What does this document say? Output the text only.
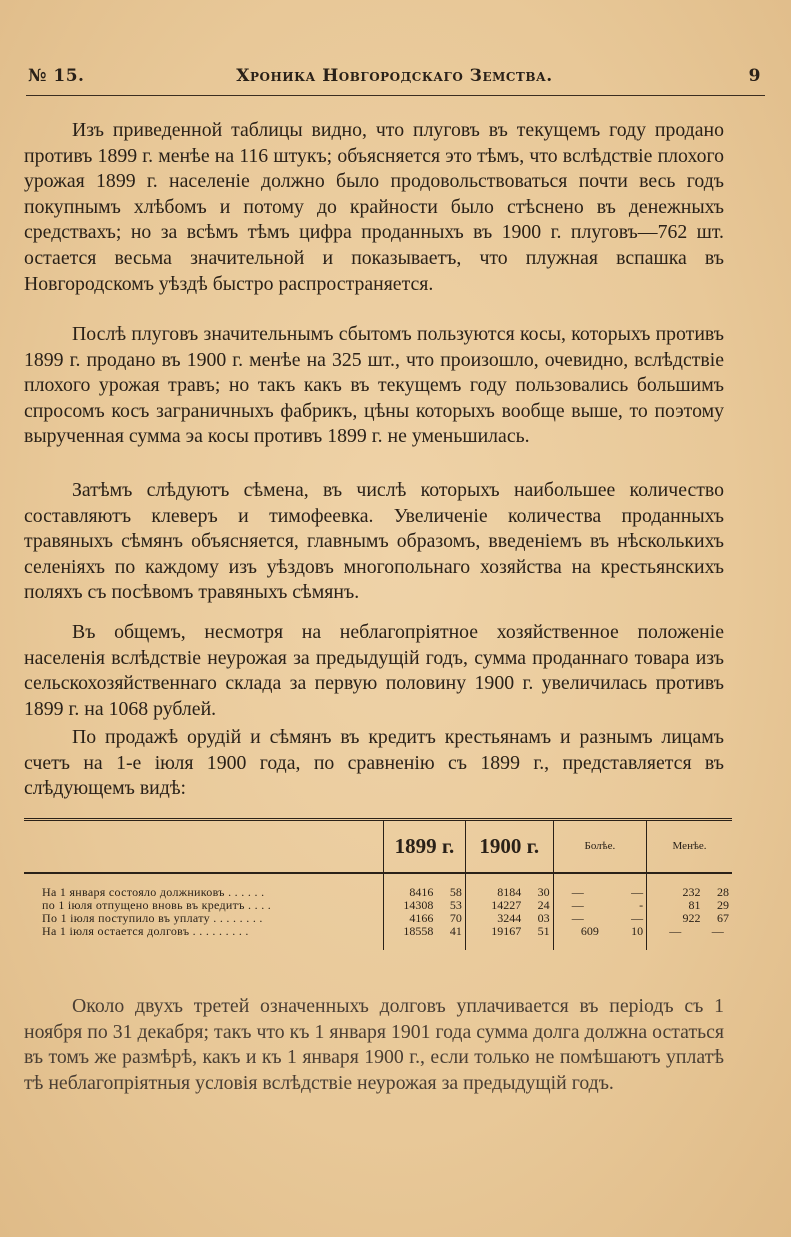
№ 15.	Хроника Новгородскаго Земства.	9

Изъ приведенной таблицы видно, что плуговъ въ текущемъ году продано противъ 1899 г. менѣе на 116 штукъ; объясняется это тѣмъ, что вслѣдствіе плохого урожая 1899 г. населеніе должно было продовольствоваться почти весь годъ покупнымъ хлѣбомъ и потому до крайности было стѣснено въ денежныхъ средствахъ; но за всѣмъ тѣмъ цифра проданныхъ въ 1900 г. плуговъ—762 шт. остается весьма значительной и показываетъ, что плужная вспашка въ Новгородскомъ уѣздѣ быстро распространяется.

Послѣ плуговъ значительнымъ сбытомъ пользуются косы, которыхъ противъ 1899 г. продано въ 1900 г. менѣе на 325 шт., что произошло, очевидно, вслѣдствіе плохого урожая травъ; но такъ какъ въ текущемъ году пользовались большимъ спросомъ косъ заграничныхъ фабрикъ, цѣны которыхъ вообще выше, то поэтому вырученная сумма эа косы противъ 1899 г. не уменьшилась.

Затѣмъ слѣдуютъ сѣмена, въ числѣ которыхъ наибольшее количество составляютъ клеверъ и тимофеевка. Увеличеніе количества проданныхъ травяныхъ сѣмянъ объясняется, главнымъ образомъ, введеніемъ въ нѣсколькихъ селеніяхъ по каждому изъ уѣздовъ многопольнаго хозяйства на крестьянскихъ поляхъ съ посѣвомъ травяныхъ сѣмянъ.

Въ общемъ, несмотря на неблагопріятное хозяйственное положеніе населенія вслѣдствіе неурожая за предыдущій годъ, сумма проданнаго товара изъ сельскохозяйственнаго склада за первую половину 1900 г. увеличилась противъ 1899 г. на 1068 рублей.

По продажѣ орудій и сѣмянъ въ кредитъ крестьянамъ и разнымъ лицамъ счетъ на 1-е іюля 1900 года, по сравненію съ 1899 г., представляется въ слѣдующемъ видѣ:

	1899 г.		1900 г.		Болѣе.		Менѣе.	

На 1 января состояло должниковъ . . . . . .	8416	58	8184	30	—	—	232	28
по 1 іюля отпущено вновь въ кредитъ . . . .	14308	53	14227	24	—	-	81	29
По 1 іюля поступило въ уплату . . . . . . . .	4166	70	3244	03	—	—	922	67
На 1 іюля остается долговъ . . . . . . . . .	18558	41	19167	51	609	10	—	—

Около двухъ третей означенныхъ долговъ уплачивается въ періодъ съ 1 ноября по 31 декабря; такъ что къ 1 января 1901 года сумма долга должна остаться въ томъ же размѣрѣ, какъ и къ 1 января 1900 г., если только не помѣшаютъ уплатѣ тѣ неблагопріятныя условія вслѣдствіе неурожая за предыдущій годъ.
